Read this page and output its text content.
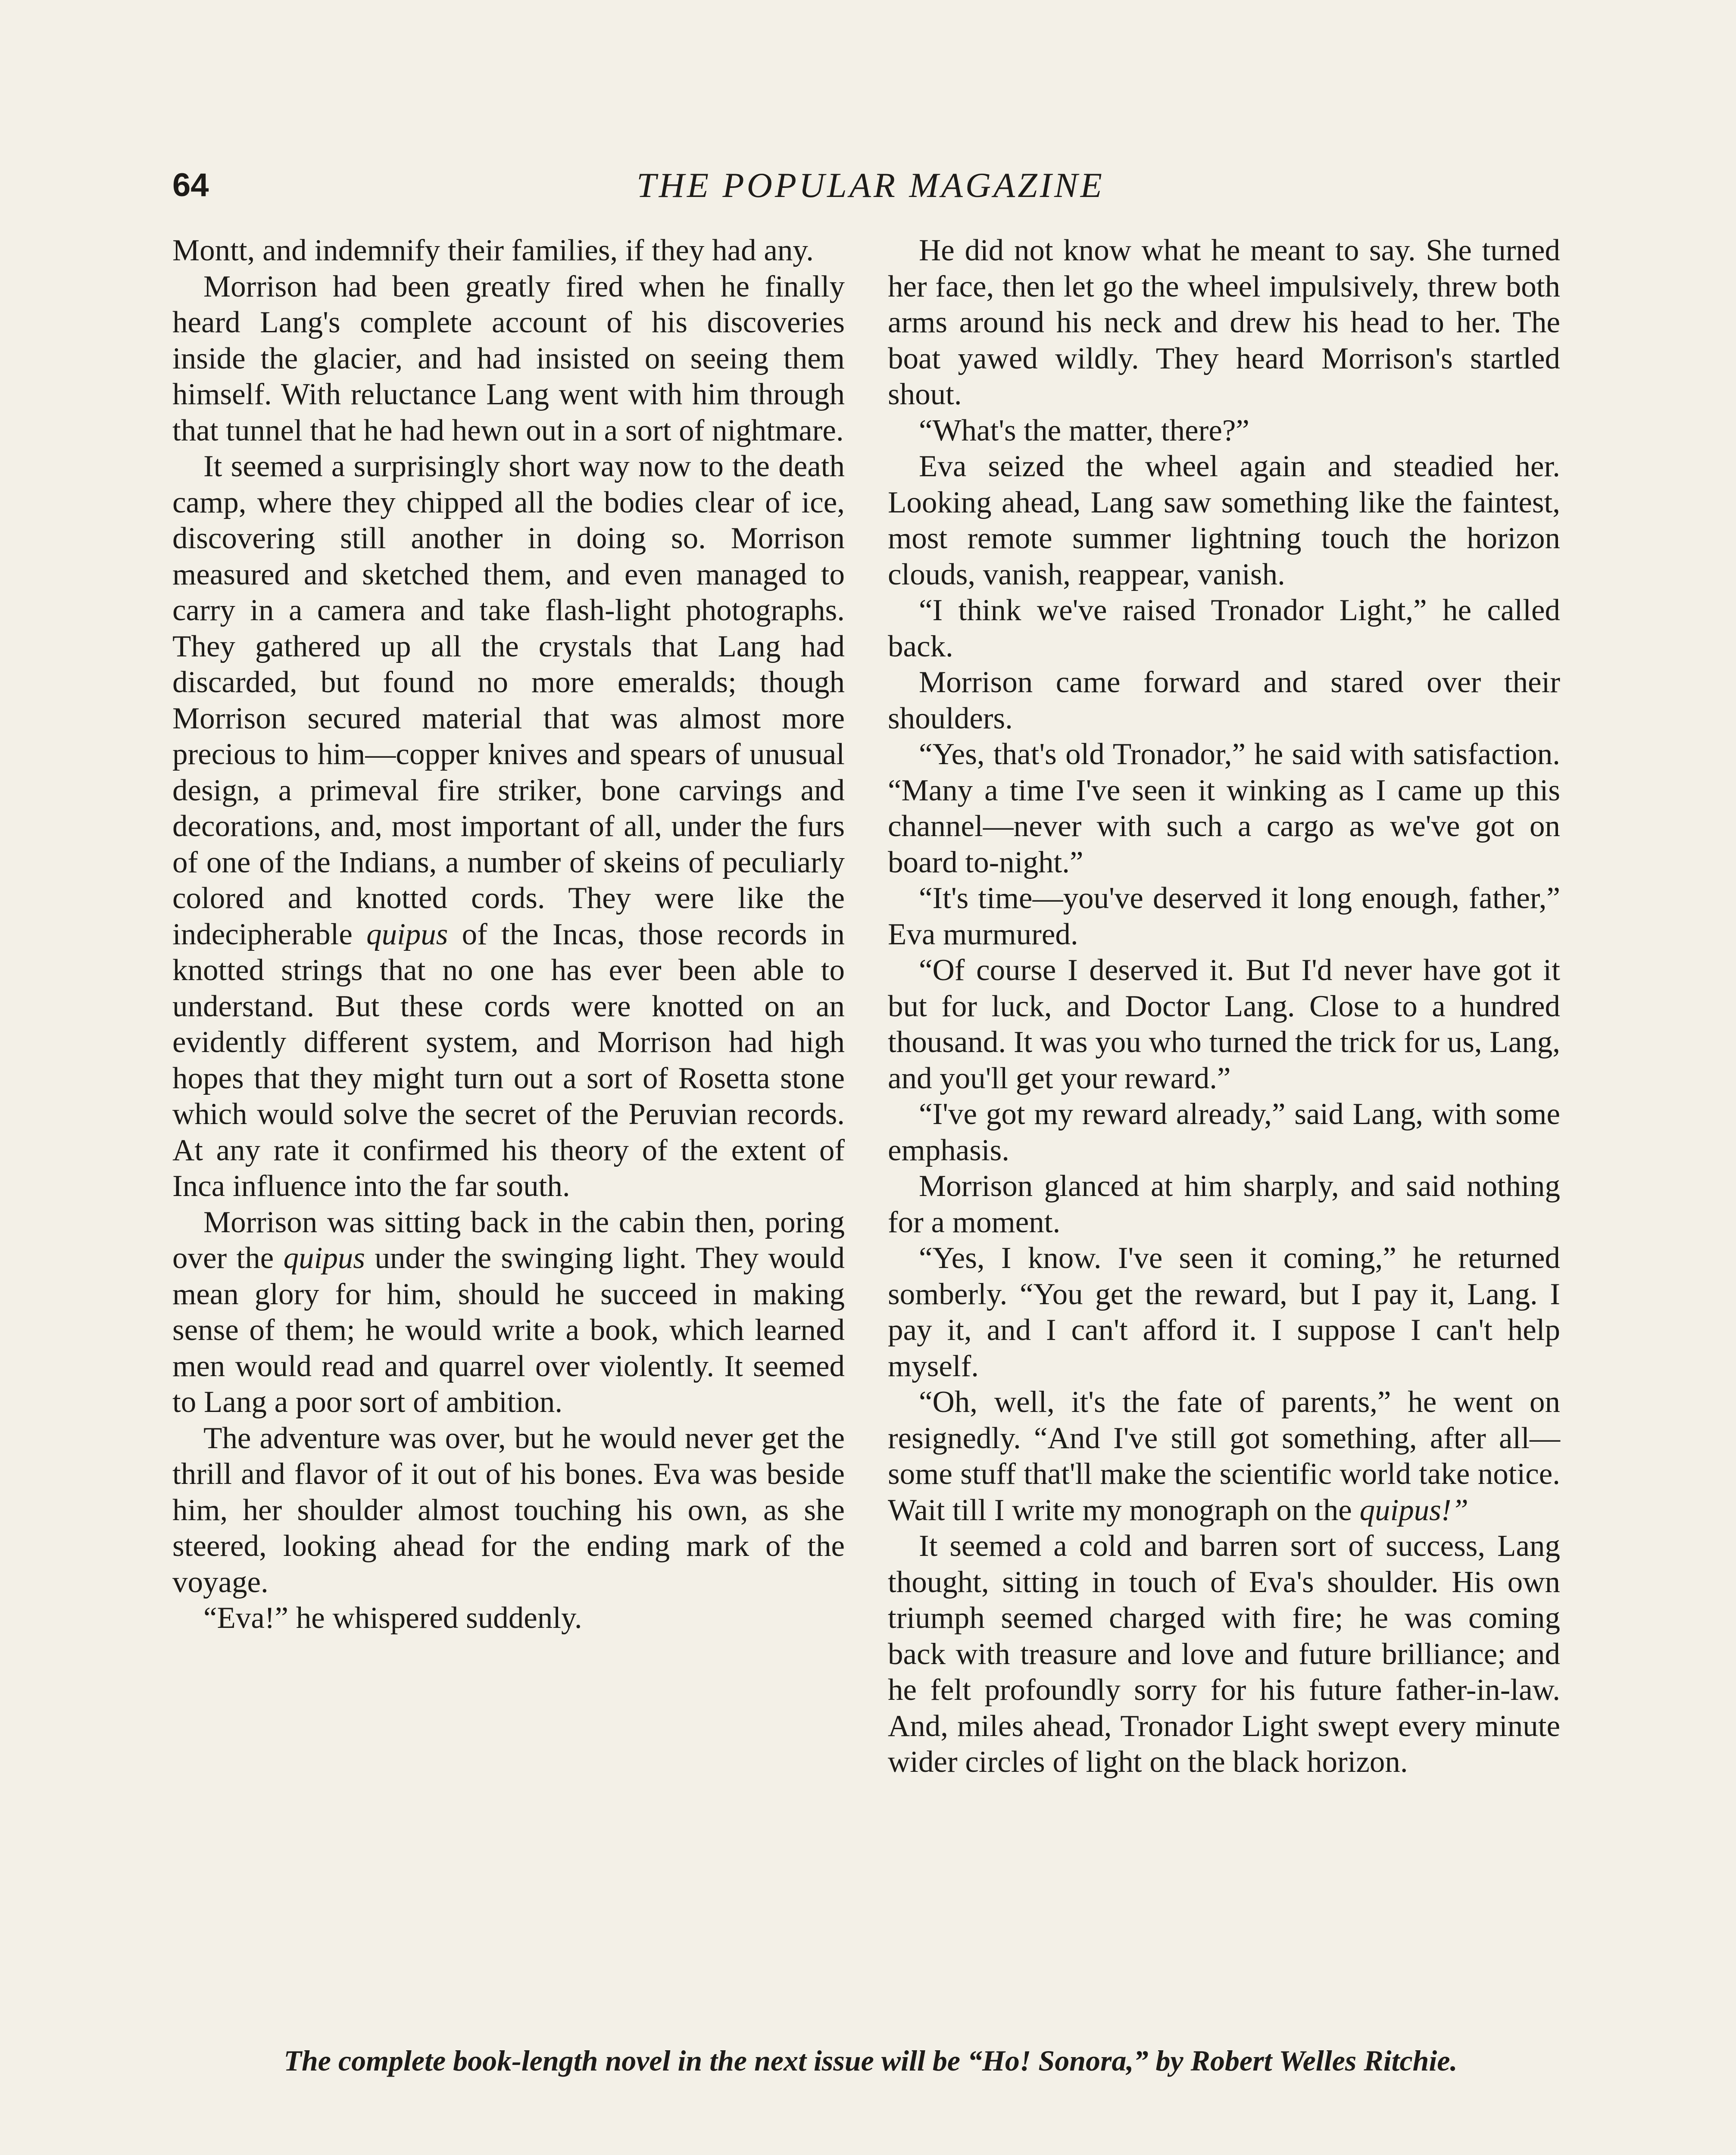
64	THE POPULAR MAGAZINE

Montt, and indemnify their families, if they had any.

Morrison had been greatly fired when he finally heard Lang's complete account of his discoveries inside the glacier, and had insisted on seeing them himself. With reluctance Lang went with him through that tunnel that he had hewn out in a sort of nightmare.

It seemed a surprisingly short way now to the death camp, where they chipped all the bodies clear of ice, discovering still another in doing so. Morrison measured and sketched them, and even managed to carry in a camera and take flash-light photographs. They gathered up all the crystals that Lang had discarded, but found no more emeralds; though Morrison secured material that was almost more precious to him—copper knives and spears of unusual design, a primeval fire striker, bone carvings and decorations, and, most important of all, under the furs of one of the Indians, a number of skeins of peculiarly colored and knotted cords. They were like the indecipherable quipus of the Incas, those records in knotted strings that no one has ever been able to understand. But these cords were knotted on an evidently different system, and Morrison had high hopes that they might turn out a sort of Rosetta stone which would solve the secret of the Peruvian records. At any rate it confirmed his theory of the extent of Inca influence into the far south.

Morrison was sitting back in the cabin then, poring over the quipus under the swinging light. They would mean glory for him, should he succeed in making sense of them; he would write a book, which learned men would read and quarrel over violently. It seemed to Lang a poor sort of ambition.

The adventure was over, but he would never get the thrill and flavor of it out of his bones. Eva was beside him, her shoulder almost touching his own, as she steered, looking ahead for the ending mark of the voyage.

“Eva!” he whispered suddenly.

He did not know what he meant to say. She turned her face, then let go the wheel impulsively, threw both arms around his neck and drew his head to her. The boat yawed wildly. They heard Morrison's startled shout.

“What's the matter, there?”

Eva seized the wheel again and steadied her. Looking ahead, Lang saw something like the faintest, most remote summer lightning touch the horizon clouds, vanish, reappear, vanish.

“I think we've raised Tronador Light,” he called back.

Morrison came forward and stared over their shoulders.

“Yes, that's old Tronador,” he said with satisfaction. “Many a time I've seen it winking as I came up this channel—never with such a cargo as we've got on board to-night.”

“It's time—you've deserved it long enough, father,” Eva murmured.

“Of course I deserved it. But I'd never have got it but for luck, and Doctor Lang. Close to a hundred thousand. It was you who turned the trick for us, Lang, and you'll get your reward.”

“I've got my reward already,” said Lang, with some emphasis.

Morrison glanced at him sharply, and said nothing for a moment.

“Yes, I know. I've seen it coming,” he returned somberly. “You get the reward, but I pay it, Lang. I pay it, and I can't afford it. I suppose I can't help myself.

“Oh, well, it's the fate of parents,” he went on resignedly. “And I've still got something, after all—some stuff that'll make the scientific world take notice. Wait till I write my monograph on the quipus!”

It seemed a cold and barren sort of success, Lang thought, sitting in touch of Eva's shoulder. His own triumph seemed charged with fire; he was coming back with treasure and love and future brilliance; and he felt profoundly sorry for his future father-in-law. And, miles ahead, Tronador Light swept every minute wider circles of light on the black horizon.

The complete book-length novel in the next issue will be “Ho! Sonora,” by Robert Welles Ritchie.
